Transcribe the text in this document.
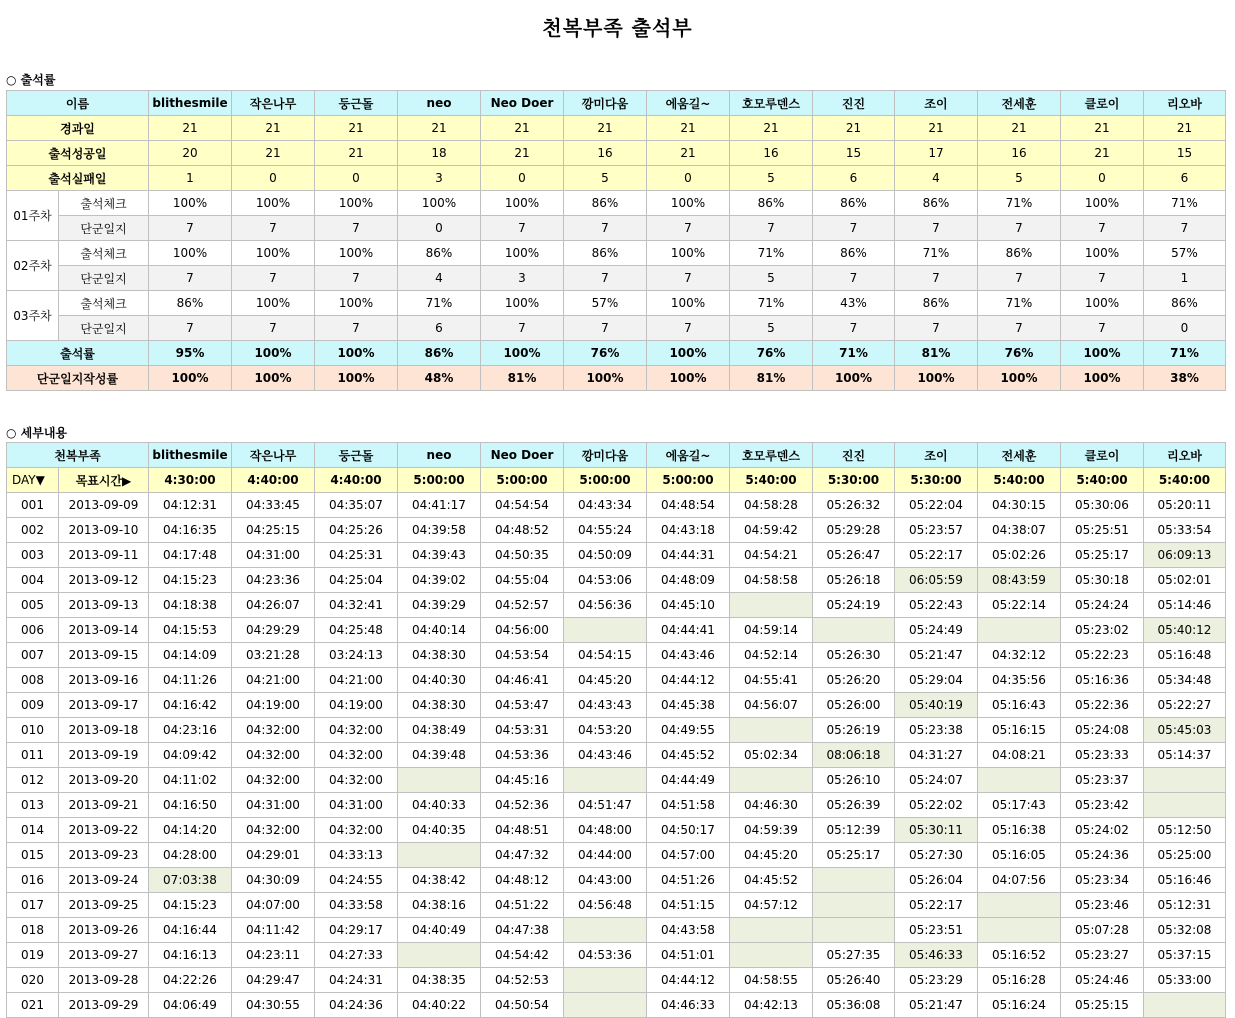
천복부족 출석부
○ 출석률
이름		blithesmile	작은나무	둥근돌	neo	Neo Doer	깡미다움	에움길~	호모루덴스	진진	조이	전세훈	클로이	리오바
경과일		21	21	21	21	21	21	21	21	21	21	21	21	21
출석성공일		20	21	21	18	21	16	21	16	15	17	16	21	15
출석실패일		1	0	0	3	0	5	0	5	6	4	5	0	6
01주차	출석체크	100%	100%	100%	100%	100%	86%	100%	86%	86%	86%	71%	100%	71%
	단군일지	7	7	7	0	7	7	7	7	7	7	7	7	7
02주차	출석체크	100%	100%	100%	86%	100%	86%	100%	71%	86%	71%	86%	100%	57%
	단군일지	7	7	7	4	3	7	7	5	7	7	7	7	1
03주차	출석체크	86%	100%	100%	71%	100%	57%	100%	71%	43%	86%	71%	100%	86%
	단군일지	7	7	7	6	7	7	7	5	7	7	7	7	0
출석률		95%	100%	100%	86%	100%	76%	100%	76%	71%	81%	76%	100%	71%
단군일지작성률		100%	100%	100%	48%	81%	100%	100%	81%	100%	100%	100%	100%	38%
○ 세부내용
천복부족		blithesmile	작은나무	둥근돌	neo	Neo Doer	깡미다움	에움길~	호모루덴스	진진	조이	전세훈	클로이	리오바
DAY▼	목표시간▶	4:30:00	4:40:00	4:40:00	5:00:00	5:00:00	5:00:00	5:00:00	5:40:00	5:30:00	5:30:00	5:40:00	5:40:00	5:40:00
001	2013-09-09	04:12:31	04:33:45	04:35:07	04:41:17	04:54:54	04:43:34	04:48:54	04:58:28	05:26:32	05:22:04	04:30:15	05:30:06	05:20:11
002	2013-09-10	04:16:35	04:25:15	04:25:26	04:39:58	04:48:52	04:55:24	04:43:18	04:59:42	05:29:28	05:23:57	04:38:07	05:25:51	05:33:54
003	2013-09-11	04:17:48	04:31:00	04:25:31	04:39:43	04:50:35	04:50:09	04:44:31	04:54:21	05:26:47	05:22:17	05:02:26	05:25:17	06:09:13
004	2013-09-12	04:15:23	04:23:36	04:25:04	04:39:02	04:55:04	04:53:06	04:48:09	04:58:58	05:26:18	06:05:59	08:43:59	05:30:18	05:02:01
005	2013-09-13	04:18:38	04:26:07	04:32:41	04:39:29	04:52:57	04:56:36	04:45:10		05:24:19	05:22:43	05:22:14	05:24:24	05:14:46
006	2013-09-14	04:15:53	04:29:29	04:25:48	04:40:14	04:56:00		04:44:41	04:59:14		05:24:49		05:23:02	05:40:12
007	2013-09-15	04:14:09	03:21:28	03:24:13	04:38:30	04:53:54	04:54:15	04:43:46	04:52:14	05:26:30	05:21:47	04:32:12	05:22:23	05:16:48
008	2013-09-16	04:11:26	04:21:00	04:21:00	04:40:30	04:46:41	04:45:20	04:44:12	04:55:41	05:26:20	05:29:04	04:35:56	05:16:36	05:34:48
009	2013-09-17	04:16:42	04:19:00	04:19:00	04:38:30	04:53:47	04:43:43	04:45:38	04:56:07	05:26:00	05:40:19	05:16:43	05:22:36	05:22:27
010	2013-09-18	04:23:16	04:32:00	04:32:00	04:38:49	04:53:31	04:53:20	04:49:55		05:26:19	05:23:38	05:16:15	05:24:08	05:45:03
011	2013-09-19	04:09:42	04:32:00	04:32:00	04:39:48	04:53:36	04:43:46	04:45:52	05:02:34	08:06:18	04:31:27	04:08:21	05:23:33	05:14:37
012	2013-09-20	04:11:02	04:32:00	04:32:00		04:45:16		04:44:49		05:26:10	05:24:07		05:23:37	
013	2013-09-21	04:16:50	04:31:00	04:31:00	04:40:33	04:52:36	04:51:47	04:51:58	04:46:30	05:26:39	05:22:02	05:17:43	05:23:42	
014	2013-09-22	04:14:20	04:32:00	04:32:00	04:40:35	04:48:51	04:48:00	04:50:17	04:59:39	05:12:39	05:30:11	05:16:38	05:24:02	05:12:50
015	2013-09-23	04:28:00	04:29:01	04:33:13		04:47:32	04:44:00	04:57:00	04:45:20	05:25:17	05:27:30	05:16:05	05:24:36	05:25:00
016	2013-09-24	07:03:38	04:30:09	04:24:55	04:38:42	04:48:12	04:43:00	04:51:26	04:45:52		05:26:04	04:07:56	05:23:34	05:16:46
017	2013-09-25	04:15:23	04:07:00	04:33:58	04:38:16	04:51:22	04:56:48	04:51:15	04:57:12		05:22:17		05:23:46	05:12:31
018	2013-09-26	04:16:44	04:11:42	04:29:17	04:40:49	04:47:38		04:43:58			05:23:51		05:07:28	05:32:08
019	2013-09-27	04:16:13	04:23:11	04:27:33		04:54:42	04:53:36	04:51:01		05:27:35	05:46:33	05:16:52	05:23:27	05:37:15
020	2013-09-28	04:22:26	04:29:47	04:24:31	04:38:35	04:52:53		04:44:12	04:58:55	05:26:40	05:23:29	05:16:28	05:24:46	05:33:00
021	2013-09-29	04:06:49	04:30:55	04:24:36	04:40:22	04:50:54		04:46:33	04:42:13	05:36:08	05:21:47	05:16:24	05:25:15	
